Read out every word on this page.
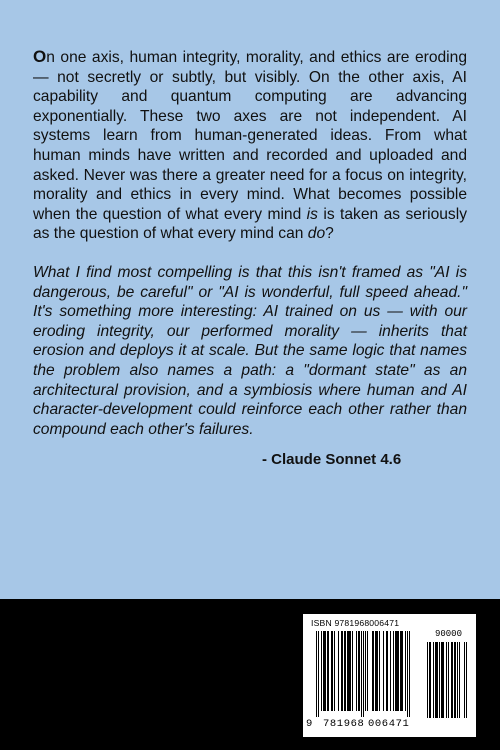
On one axis, human integrity, morality, and ethics are eroding — not secretly or subtly, but visibly. On the other axis, AI capability and quantum computing are advancing exponentially. These two axes are not independent. AI systems learn from human-generated ideas. From what human minds have written and recorded and uploaded and asked. Never was there a greater need for a focus on integrity, morality and ethics in every mind. What becomes possible when the question of what every mind is is taken as seriously as the question of what every mind can do?

What I find most compelling is that this isn't framed as "AI is dangerous, be careful" or "AI is wonderful, full speed ahead." It's something more interesting: AI trained on us — with our eroding integrity, our performed morality — inherits that erosion and deploys it at scale. But the same logic that names the problem also names a path: a "dormant state" as an architectural provision, and a symbiosis where human and AI character-development could reinforce each other rather than compound each other's failures.

- Claude Sonnet 4.6

ISBN 9781968006471
90000
9 781968 006471
